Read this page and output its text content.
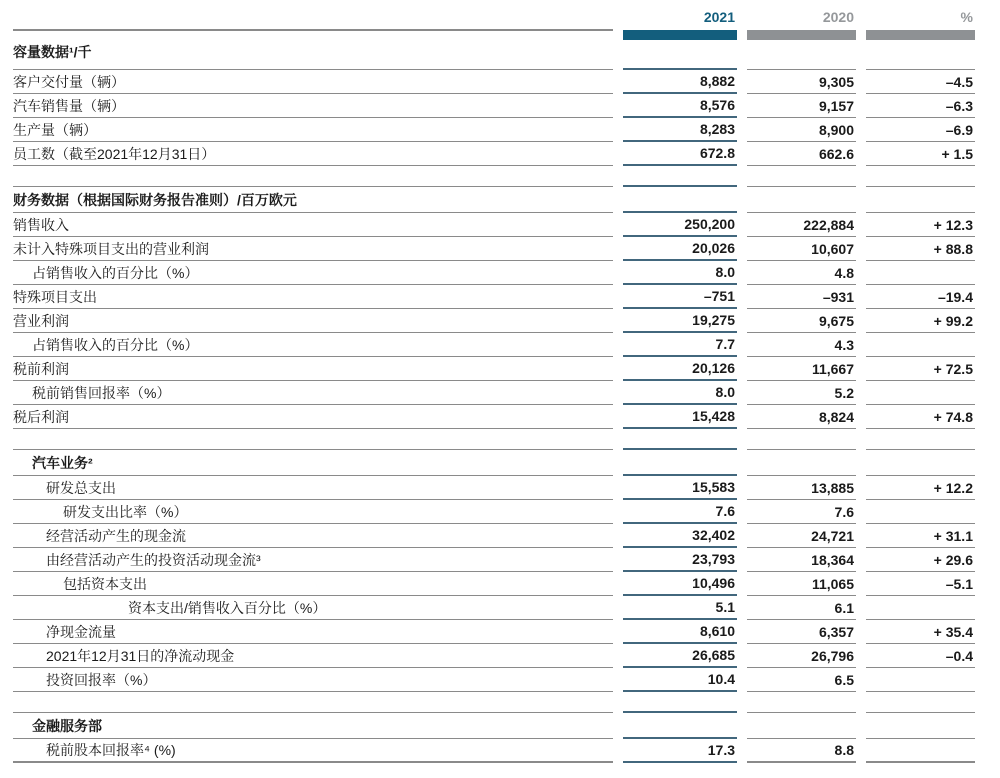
2021	2020	%
容量数据¹/千
客户交付量（辆）	8,882	9,305	–4.5
汽车销售量（辆）	8,576	9,157	–6.3
生产量（辆）	8,283	8,900	–6.9
员工数（截至2021年12月31日）	672.8	662.6	+ 1.5
财务数据（根据国际财务报告准则）/百万欧元
销售收入	250,200	222,884	+ 12.3
未计入特殊项目支出的营业利润	20,026	10,607	+ 88.8
占销售收入的百分比（%）	8.0	4.8
特殊项目支出	–751	–931	–19.4
营业利润	19,275	9,675	+ 99.2
占销售收入的百分比（%）	7.7	4.3
税前利润	20,126	11,667	+ 72.5
税前销售回报率（%）	8.0	5.2
税后利润	15,428	8,824	+ 74.8
汽车业务²
研发总支出	15,583	13,885	+ 12.2
研发支出比率（%）	7.6	7.6
经营活动产生的现金流	32,402	24,721	+ 31.1
由经营活动产生的投资活动现金流³	23,793	18,364	+ 29.6
包括资本支出	10,496	11,065	–5.1
资本支出/销售收入百分比（%）	5.1	6.1
净现金流量	8,610	6,357	+ 35.4
2021年12月31日的净流动现金	26,685	26,796	–0.4
投资回报率（%）	10.4	6.5
金融服务部
税前股本回报率⁴ (%)	17.3	8.8
